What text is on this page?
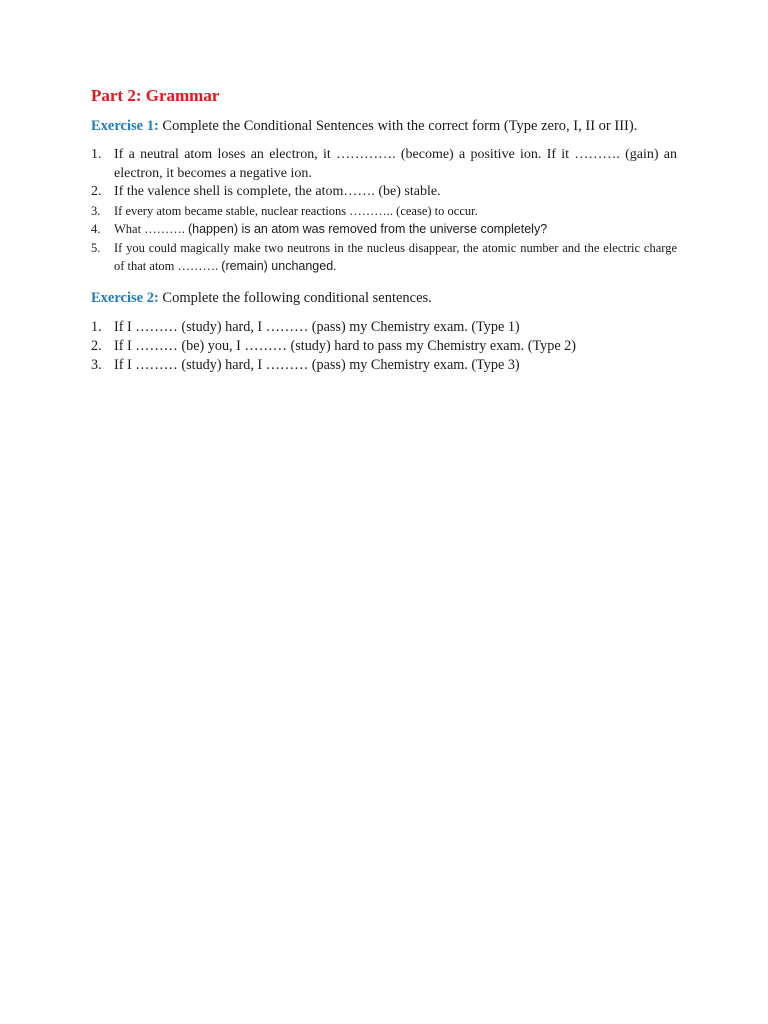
Part 2: Grammar

Exercise 1: Complete the Conditional Sentences with the correct form (Type zero, I, II or III).

1. If a neutral atom loses an electron, it …………. (become) a positive ion. If it ………. (gain) an electron, it becomes a negative ion.
2. If the valence shell is complete, the atom……. (be) stable.
3. If every atom became stable, nuclear reactions ……….. (cease) to occur.
4. What ………. (happen) is an atom was removed from the universe completely?
5. If you could magically make two neutrons in the nucleus disappear, the atomic number and the electric charge of that atom ………. (remain) unchanged.

Exercise 2: Complete the following conditional sentences.

1. If I ……… (study) hard, I ……… (pass) my Chemistry exam. (Type 1)
2. If I ……… (be) you, I ……… (study) hard to pass my Chemistry exam. (Type 2)
3. If I ……… (study) hard, I ……… (pass) my Chemistry exam. (Type 3)
